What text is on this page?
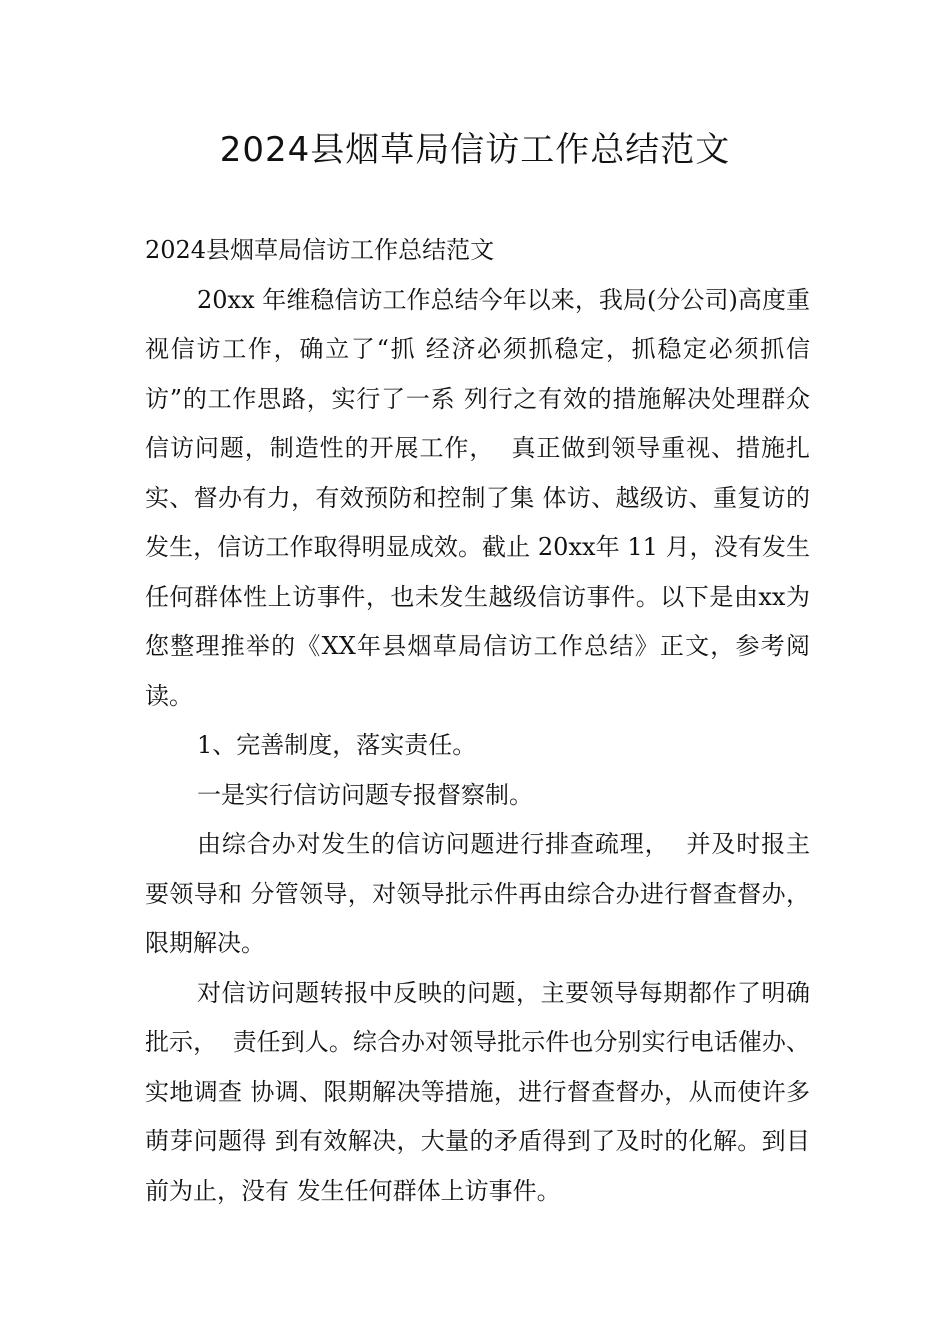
2024县烟草局信访工作总结范文

2024县烟草局信访工作总结范文

20xx 年维稳信访工作总结今年以来，我局(分公司)高度重视信访工作，确立了“抓 经济必须抓稳定，抓稳定必须抓信访”的工作思路，实行了一系 列行之有效的措施解决处理群众信访问题，制造性的开展工作，  真正做到领导重视、措施扎实、督办有力，有效预防和控制了集 体访、越级访、重复访的发生，信访工作取得明显成效。截止 20xx年 11 月，没有发生任何群体性上访事件，也未发生越级信访事件。以下是由xx为您整理推举的《XX年县烟草局信访工作总结》正文，参考阅读。

1、完善制度，落实责任。

一是实行信访问题专报督察制。

由综合办对发生的信访问题进行排查疏理，  并及时报主要领导和 分管领导，对领导批示件再由综合办进行督查督办，限期解决。

对信访问题转报中反映的问题，主要领导每期都作了明确批示，  责任到人。综合办对领导批示件也分别实行电话催办、实地调查 协调、限期解决等措施，进行督查督办，从而使许多萌芽问题得 到有效解决，大量的矛盾得到了及时的化解。到目前为止，没有 发生任何群体上访事件。
